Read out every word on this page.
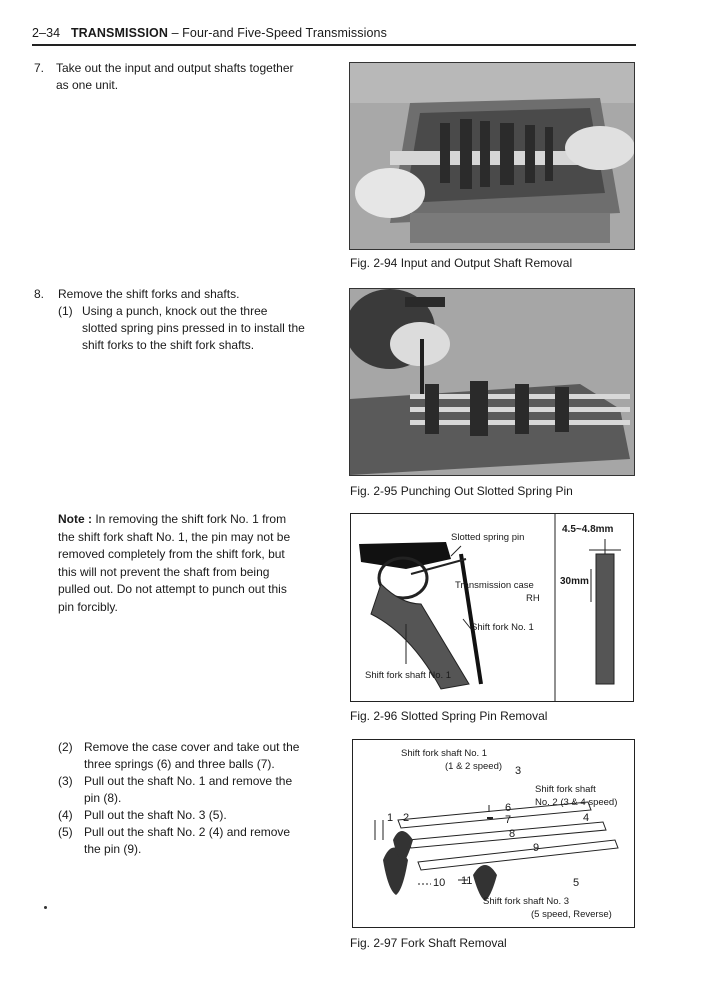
2–34 TRANSMISSION – Four-and Five-Speed Transmissions
7. Take out the input and output shafts together
as one unit.
Fig. 2-94 Input and Output Shaft Removal
8. Remove the shift forks and shafts.
(1) Using a punch, knock out the three
slotted spring pins pressed in to install the
shift forks to the shift fork shafts.
Fig. 2-95 Punching Out Slotted Spring Pin
Note : In removing the shift fork No. 1 from
the shift fork shaft No. 1, the pin may not be
removed completely from the shift fork, but
this will not prevent the shaft from being
pulled out. Do not attempt to punch out this
pin forcibly.
Slotted spring pin
Transmission case
RH
Shift fork No. 1
Shift fork shaft No. 1
4.5~4.8mm
30mm
Fig. 2-96 Slotted Spring Pin Removal
(2) Remove the case cover and take out the
three springs (6) and three balls (7).
(3) Pull out the shaft No. 1 and remove the
pin (8).
(4) Pull out the shaft No. 3 (5).
(5) Pull out the shaft No. 2 (4) and remove
the pin (9).
Shift fork shaft No. 1
(1 & 2 speed) 3
Shift fork shaft
No. 2 (3 & 4 speed)
6
7	4
1 2
8
9
10 11	5
Shift fork shaft No. 3
(5 speed, Reverse)
Fig. 2-97 Fork Shaft Removal
